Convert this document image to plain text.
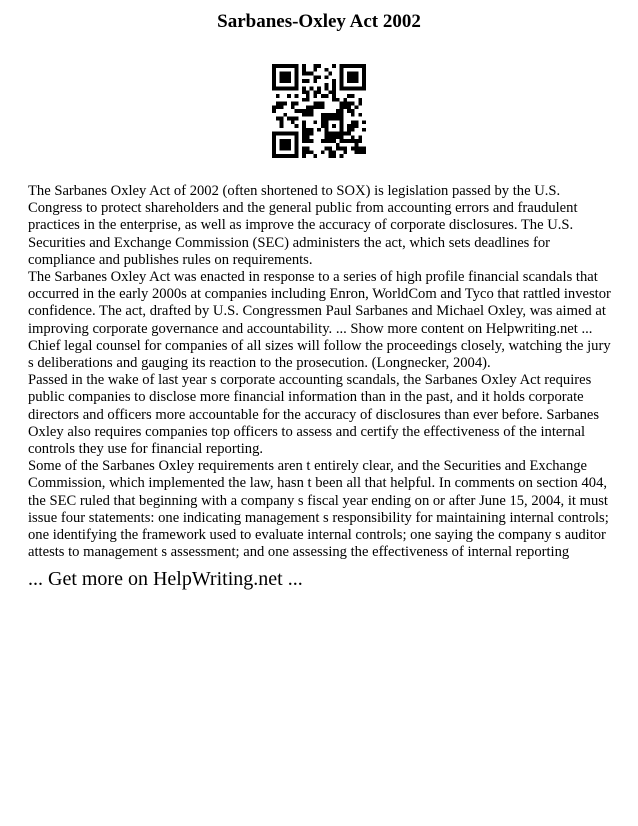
Sarbanes-Oxley Act 2002

The Sarbanes Oxley Act of 2002 (often shortened to SOX) is legislation passed by the U.S. Congress to protect shareholders and the general public from accounting errors and fraudulent practices in the enterprise, as well as improve the accuracy of corporate disclosures. The U.S. Securities and Exchange Commission (SEC) administers the act, which sets deadlines for compliance and publishes rules on requirements.

The Sarbanes Oxley Act was enacted in response to a series of high profile financial scandals that occurred in the early 2000s at companies including Enron, WorldCom and Tyco that rattled investor confidence. The act, drafted by U.S. Congressmen Paul Sarbanes and Michael Oxley, was aimed at improving corporate governance and accountability. ... Show more content on Helpwriting.net ...

Chief legal counsel for companies of all sizes will follow the proceedings closely, watching the jury s deliberations and gauging its reaction to the prosecution. (Longnecker, 2004).

Passed in the wake of last year s corporate accounting scandals, the Sarbanes Oxley Act requires public companies to disclose more financial information than in the past, and it holds corporate directors and officers more accountable for the accuracy of disclosures than ever before. Sarbanes Oxley also requires companies top officers to assess and certify the effectiveness of the internal controls they use for financial reporting.

Some of the Sarbanes Oxley requirements aren t entirely clear, and the Securities and Exchange Commission, which implemented the law, hasn t been all that helpful. In comments on section 404, the SEC ruled that beginning with a company s fiscal year ending on or after June 15, 2004, it must issue four statements: one indicating management s responsibility for maintaining internal controls; one identifying the framework used to evaluate internal controls; one saying the company s auditor attests to management s assessment; and one assessing the effectiveness of internal reporting

... Get more on HelpWriting.net ...
